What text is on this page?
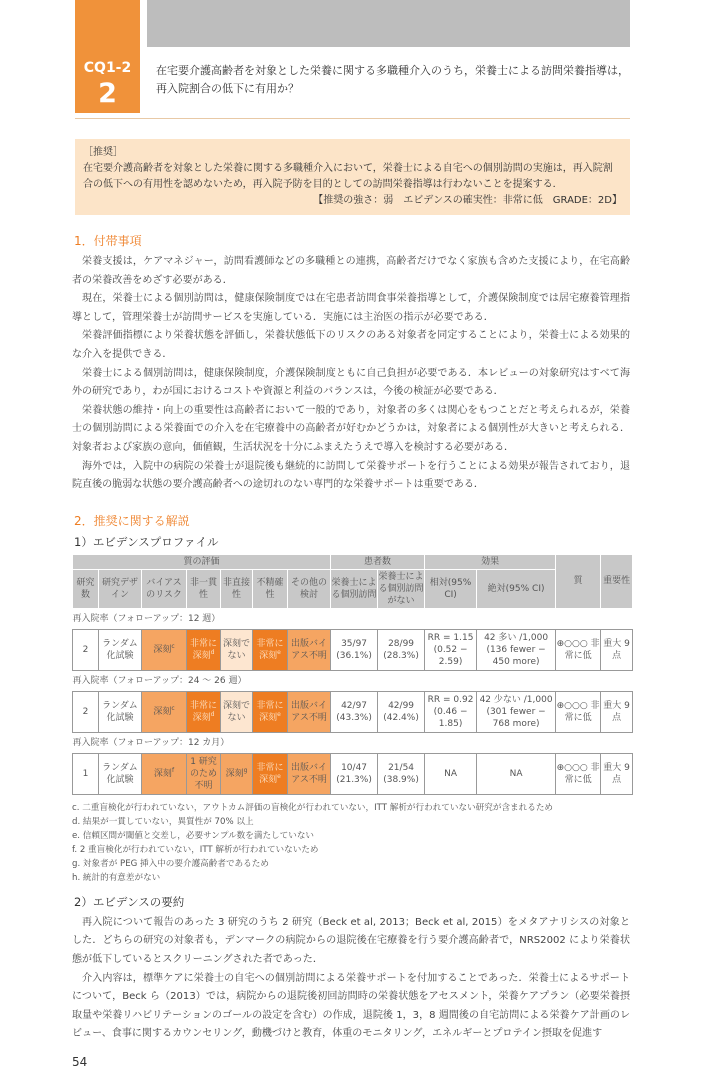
CQ1-2
2
在宅要介護高齢者を対象とした栄養に関する多職種介入のうち，栄養士による訪問栄養指導は，再入院割合の低下に有用か？
［推奨］
在宅要介護高齢者を対象とした栄養に関する多職種介入において，栄養士による自宅への個別訪問の実施は，再入院割合の低下への有用性を認めないため，再入院予防を目的としての訪問栄養指導は行わないことを提案する．
【推奨の強さ：弱　エビデンスの確実性：非常に低　GRADE：2D】
1．付帯事項

栄養支援は，ケアマネジャー，訪問看護師などの多職種との連携，高齢者だけでなく家族も含めた支援により，在宅高齢者の栄養改善をめざす必要がある．

現在，栄養士による個別訪問は，健康保険制度では在宅患者訪問食事栄養指導として，介護保険制度では居宅療養管理指導として，管理栄養士が訪問サービスを実施している．実施には主治医の指示が必要である．

栄養評価指標により栄養状態を評価し，栄養状態低下のリスクのある対象者を同定することにより，栄養士による効果的な介入を提供できる．

栄養士による個別訪問は，健康保険制度，介護保険制度ともに自己負担が必要である．本レビューの対象研究はすべて海外の研究であり，わが国におけるコストや資源と利益のバランスは，今後の検証が必要である．

栄養状態の維持・向上の重要性は高齢者において一般的であり，対象者の多くは関心をもつことだと考えられるが，栄養士の個別訪問による栄養面での介入を在宅療養中の高齢者が好むかどうかは，対象者による個別性が大きいと考えられる．対象者および家族の意向，価値観，生活状況を十分にふまえたうえで導入を検討する必要がある．

海外では，入院中の病院の栄養士が退院後も継続的に訪問して栄養サポートを行うことによる効果が報告されており，退院直後の脆弱な状態の要介護高齢者への途切れのない専門的な栄養サポートは重要である．

2．推奨に関する解説
1）エビデンスプロファイル
質の評価							患者数		効果		質	重要性
研究数	研究デザイン	バイアスのリスク	非一貫性	非直接性	不精確性	その他の検討	栄養士による個別訪問	栄養士による個別訪問がない	相対(95% CI)	絶対(95% CI)		
再入院率（フォローアップ：12 週）												
2	ランダム化試験	深刻$^c$	非常に深刻$^d$	深刻でない	非常に深刻$^e$	出版バイアス不明	35/97 (36.1%)	28/99 (28.3%)	RR = 1.15 (0.52 − 2.59)	42 多い /1,000 (136 fewer − 450 more)	⊕○○○ 非常に低	重大 9 点
再入院率（フォローアップ：24 〜 26 週）												
2	ランダム化試験	深刻$^c$	非常に深刻$^d$	深刻でない	非常に深刻$^e$	出版バイアス不明	42/97 (43.3%)	42/99 (42.4%)	RR = 0.92 (0.46 − 1.85)	42 少ない /1,000 (301 fewer − 768 more)	⊕○○○ 非常に低	重大 9 点
再入院率（フォローアップ：12 カ月）												
1	ランダム化試験	深刻$^f$	1 研究のため不明	深刻$^g$	非常に深刻$^e$	出版バイアス不明	10/47 (21.3%)	21/54 (38.9%)	NA	NA	⊕○○○ 非常に低	重大 9 点
c. 二重盲検化が行われていない，アウトカム評価の盲検化が行われていない，ITT 解析が行われていない研究が含まれるため
d. 結果が一貫していない，異質性が 70% 以上
e. 信頼区間が閾値と交差し，必要サンプル数を満たしていない
f. 2 重盲検化が行われていない，ITT 解析が行われていないため
g. 対象者が PEG 挿入中の要介護高齢者であるため
h. 統計的有意差がない
2）エビデンスの要約

再入院について報告のあった 3 研究のうち 2 研究（Beck et al, 2013；Beck et al, 2015）をメタアナリシスの対象とした．どちらの研究の対象者も，デンマークの病院からの退院後在宅療養を行う要介護高齢者で，NRS2002 により栄養状態が低下しているとスクリーニングされた者であった．

介入内容は，標準ケアに栄養士の自宅への個別訪問による栄養サポートを付加することであった．栄養士によるサポートについて，Beck ら（2013）では，病院からの退院後初回訪問時の栄養状態をアセスメント，栄養ケアプラン（必要栄養摂取量や栄養リハビリテーションのゴールの設定を含む）の作成，退院後 1，3，8 週間後の自宅訪問による栄養ケア計画のレビュー、食事に関するカウンセリング，動機づけと教育，体重のモニタリング，エネルギーとプロテイン摂取を促進す

54
